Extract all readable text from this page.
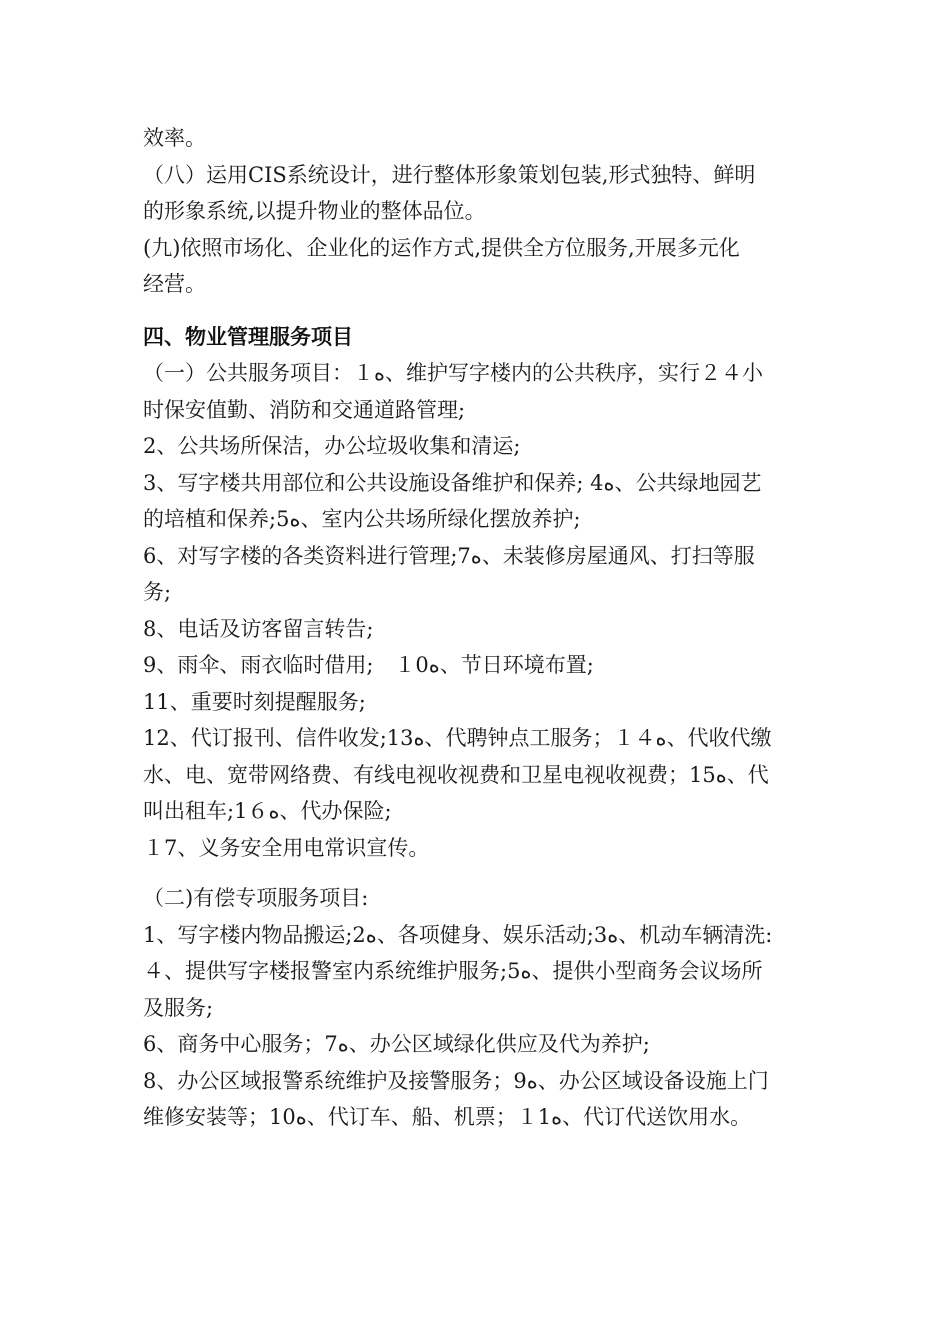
效率。
（八）运用CIS系统设计，进行整体形象策划包装,形式独特、鲜明
的形象系统,以提升物业的整体品位。
(九)依照市场化、企业化的运作方式,提供全方位服务,开展多元化
经营。
四、物业管理服务项目
（一）公共服务项目：１ﻩ、维护写字楼内的公共秩序，实行２４小
时保安值勤、消防和交通道路管理;
2、公共场所保洁，办公垃圾收集和清运;
3、写字楼共用部位和公共设施设备维护和保养; 4ﻩ、公共绿地园艺
的培植和保养;5ﻩ、室内公共场所绿化摆放养护;
6、对写字楼的各类资料进行管理;7ﻩ、未装修房屋通风、打扫等服
务;
8、电话及访客留言转告;
9、雨伞、雨衣临时借用;　１0ﻩ、节日环境布置;
11、重要时刻提醒服务;
12、代订报刊、信件收发;13ﻩ、代聘钟点工服务；１４ﻩ、代收代缴
水、电、宽带网络费、有线电视收视费和卫星电视收视费；15ﻩ、代
叫出租车;1６ﻩ、代办保险;
１7、义务安全用电常识宣传。
（二)有偿专项服务项目:
1、写字楼内物品搬运;2ﻩ、各项健身、娱乐活动;3ﻩ、机动车辆清洗:
４、提供写字楼报警室内系统维护服务;5ﻩ、提供小型商务会议场所
及服务;
6、商务中心服务；7ﻩ、办公区域绿化供应及代为养护;
8、办公区域报警系统维护及接警服务；9ﻩ、办公区域设备设施上门
维修安装等；10ﻩ、代订车、船、机票；１1ﻩ、代订代送饮用水。
